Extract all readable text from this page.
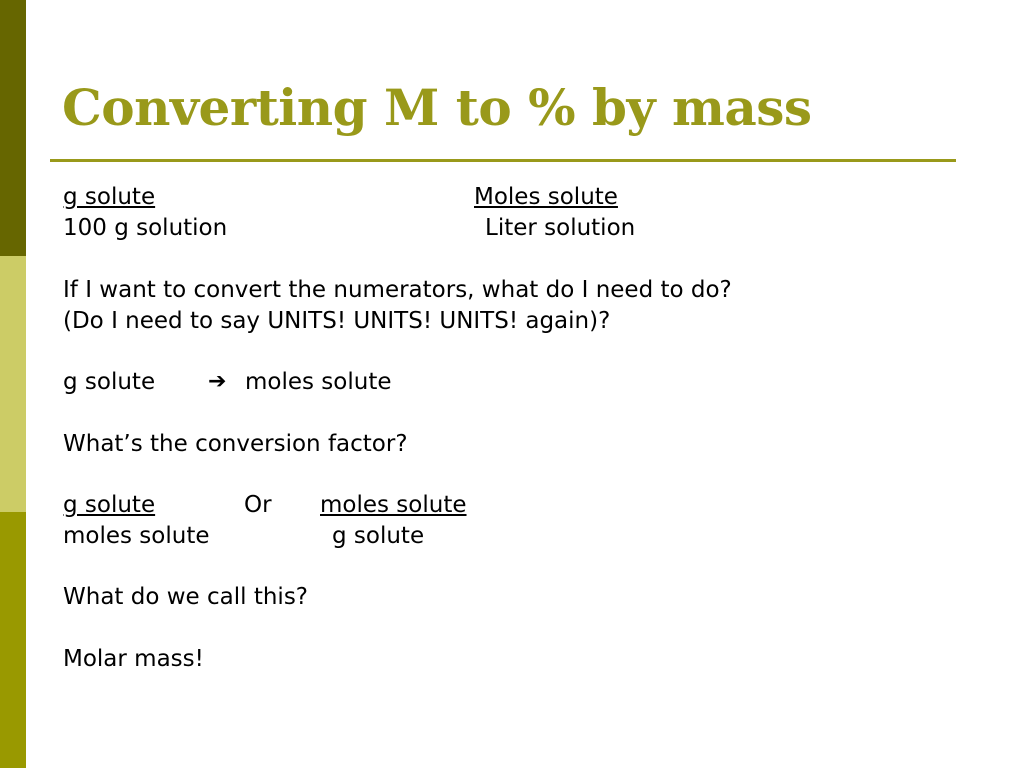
Converting M to % by mass
g solute
100 g solution
Moles solute
Liter solution
If I want to convert the numerators, what do I need to do?
(Do I need to say UNITS! UNITS! UNITS! again)?
g solute ➔ moles solute
What’s the conversion factor?
g solute
moles solute
Or moles solute
g solute
What do we call this?
Molar mass!
